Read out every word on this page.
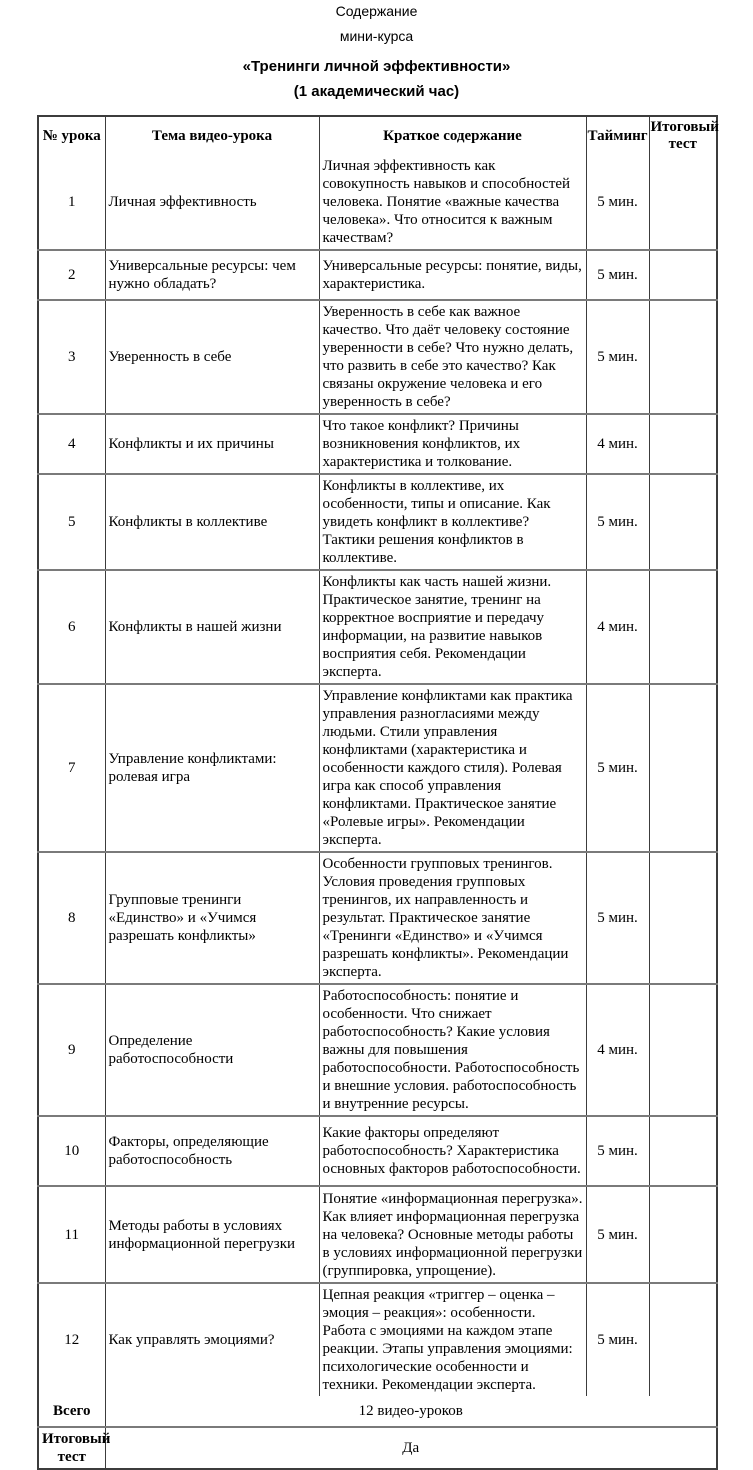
Содержание

мини-курса

«Тренинги личной эффективности»

(1 академический час)

№ урока	Тема видео-урока	Краткое содержание	Тайминг	Итоговый тест
1	Личная эффективность	Личная эффективность как совокупность навыков и способностей человека. Понятие «важные качества человека». Что относится к важным качествам?	5 мин.	
2	Универсальные ресурсы: чем нужно обладать?	Универсальные ресурсы: понятие, виды, характеристика.	5 мин.	
3	Уверенность в себе	Уверенность в себе как важное качество. Что даёт человеку состояние уверенности в себе? Что нужно делать, что развить в себе это качество? Как связаны окружение человека и его уверенность в себе?	5 мин.	
4	Конфликты и их причины	Что такое конфликт? Причины возникновения конфликтов, их характеристика и толкование.	4 мин.	
5	Конфликты в коллективе	Конфликты в коллективе, их особенности, типы и описание. Как увидеть конфликт в коллективе? Тактики решения конфликтов в коллективе.	5 мин.	
6	Конфликты в нашей жизни	Конфликты как часть нашей жизни. Практическое занятие, тренинг на корректное восприятие и передачу информации, на развитие навыков восприятия себя. Рекомендации эксперта.	4 мин.	
7	Управление конфликтами: ролевая игра	Управление конфликтами как практика управления разногласиями между людьми. Стили управления конфликтами (характеристика и особенности каждого стиля). Ролевая игра как способ управления конфликтами. Практическое занятие «Ролевые игры». Рекомендации эксперта.	5 мин.	
8	Групповые тренинги «Единство» и «Учимся разрешать конфликты»	Особенности групповых тренингов. Условия проведения групповых тренингов, их направленность и результат. Практическое занятие «Тренинги «Единство» и «Учимся разрешать конфликты». Рекомендации эксперта.	5 мин.	
9	Определение работоспособности	Работоспособность: понятие и особенности. Что снижает работоспособность? Какие условия важны для повышения работоспособности. Работоспособность и внешние условия. работоспособность и внутренние ресурсы.	4 мин.	
10	Факторы, определяющие работоспособность	Какие факторы определяют работоспособность? Характеристика основных факторов работоспособности.	5 мин.	
11	Методы работы в условиях информационной перегрузки	Понятие «информационная перегрузка». Как влияет информационная перегрузка на человека? Основные методы работы в условиях информационной перегрузки (группировка, упрощение).	5 мин.	
12	Как управлять эмоциями?	Цепная реакция «триггер – оценка – эмоция – реакция»: особенности. Работа с эмоциями на каждом этапе реакции. Этапы управления эмоциями: психологические особенности и техники. Рекомендации эксперта.	5 мин.	
Всего	12 видео-уроков			
Итоговый тест	Да			
